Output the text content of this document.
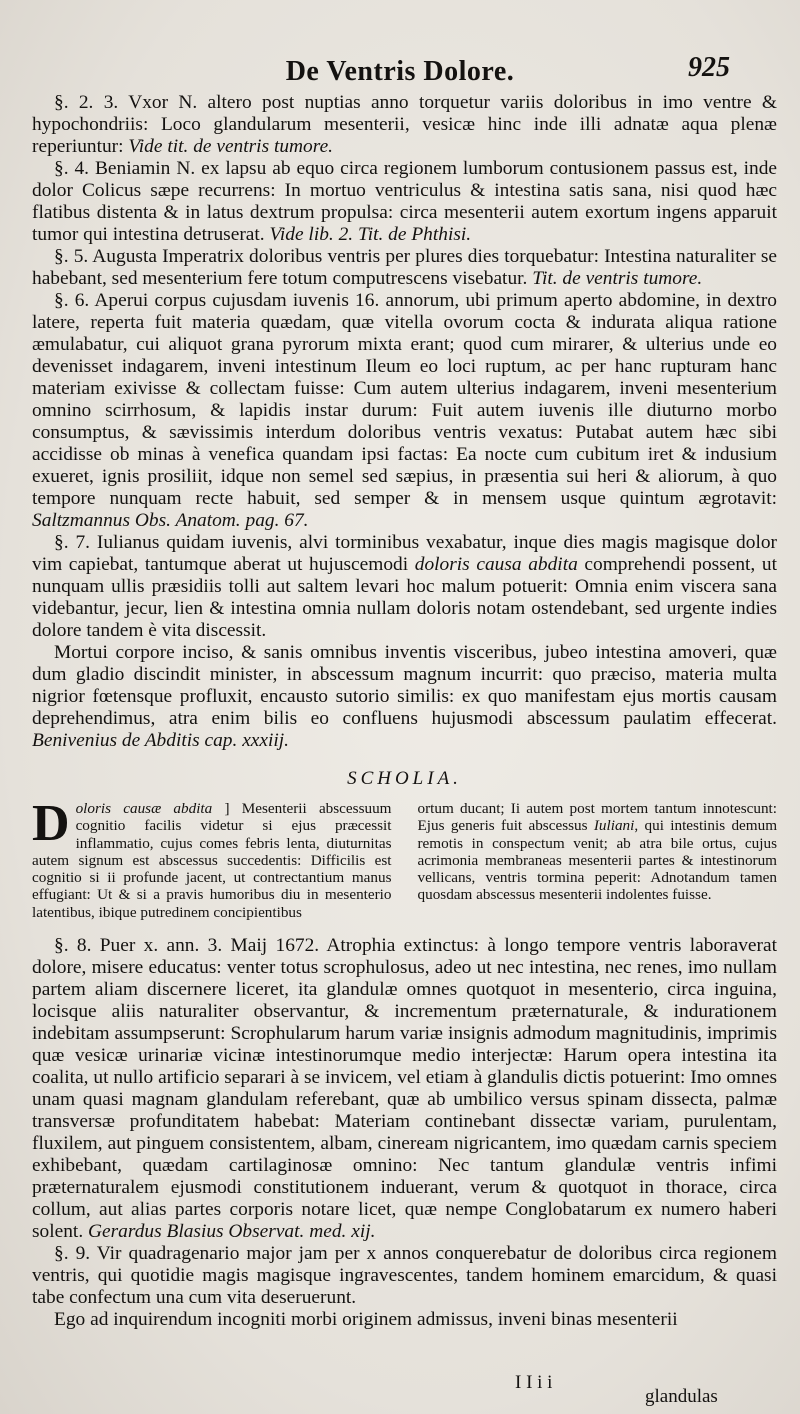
De Ventris Dolore.	925

§. 2. 3. Vxor N. altero post nuptias anno torquetur variis doloribus in imo ventre & hypochondriis: Loco glandularum mesenterii, vesicæ hinc inde illi adnatæ aqua plenæ reperiuntur: Vide tit. de ventris tumore.

§. 4. Beniamin N. ex lapsu ab equo circa regionem lumborum contusionem passus est, inde dolor Colicus sæpe recurrens: In mortuo ventriculus & intestina satis sana, nisi quod hæc flatibus distenta & in latus dextrum propulsa: circa mesenterii autem exortum ingens apparuit tumor qui intestina detruserat. Vide lib. 2. Tit. de Phthisi.

§. 5. Augusta Imperatrix doloribus ventris per plures dies torquebatur: Intestina naturaliter se habebant, sed mesenterium fere totum computrescens visebatur. Tit. de ventris tumore.

§. 6. Aperui corpus cujusdam iuvenis 16. annorum, ubi primum aperto abdomine, in dextro latere, reperta fuit materia quædam, quæ vitella ovorum cocta & indurata aliqua ratione æmulabatur, cui aliquot grana pyrorum mixta erant; quod cum mirarer, & ulterius unde eo devenisset indagarem, inveni intestinum Ileum eo loci ruptum, ac per hanc rupturam hanc materiam exivisse & collectam fuisse: Cum autem ulterius indagarem, inveni mesenterium omnino scirrhosum, & lapidis instar durum: Fuit autem iuvenis ille diuturno morbo consumptus, & sævissimis interdum doloribus ventris vexatus: Putabat autem hæc sibi accidisse ob minas à venefica quandam ipsi factas: Ea nocte cum cubitum iret & indusium exueret, ignis prosiliit, idque non semel sed sæpius, in præsentia sui heri & aliorum, à quo tempore nunquam recte habuit, sed semper & in mensem usque quintum ægrotavit: Saltzmannus Obs. Anatom. pag. 67.

§. 7. Iulianus quidam iuvenis, alvi torminibus vexabatur, inque dies magis magisque dolor vim capiebat, tantumque aberat ut hujuscemodi doloris causa abdita comprehendi possent, ut nunquam ullis præsidiis tolli aut saltem levari hoc malum potuerit: Omnia enim viscera sana videbantur, jecur, lien & intestina omnia nullam doloris notam ostendebant, sed urgente indies dolore tandem è vita discessit.

Mortui corpore inciso, & sanis omnibus inventis visceribus, jubeo intestina amoveri, quæ dum gladio discindit minister, in abscessum magnum incurrit: quo præciso, materia multa nigrior fœtensque profluxit, encausto sutorio similis: ex quo manifestam ejus mortis causam deprehendimus, atra enim bilis eo confluens hujusmodi abscessum paulatim effecerat. Benivenius de Abditis cap. xxxiij.

SCHOLIA.
D oloris causæ abdita ] Mesenterii abscessuum cognitio facilis videtur si ejus præcessit inflammatio, cujus comes febris lenta, diuturnitas autem signum est abscessus succedentis: Difficilis est cognitio si ii profunde jacent, ut contrectantium manus effugiant: Ut & si a pravis humoribus diu in mesenterio latentibus, ibique putredinem concipientibus
ortum ducant; Ii autem post mortem tantum innotescunt: Ejus generis fuit abscessus Iuliani, qui intestinis demum remotis in conspectum venit; ab atra bile ortus, cujus acrimonia membraneas mesenterii partes & intestinorum vellicans, ventris tormina peperit: Adnotandum tamen quosdam abscessus mesenterii indolentes fuisse.

§. 8. Puer x. ann. 3. Maij 1672. Atrophia extinctus: à longo tempore ventris laboraverat dolore, misere educatus: venter totus scrophulosus, adeo ut nec intestina, nec renes, imo nullam partem aliam discernere liceret, ita glandulæ omnes quotquot in mesenterio, circa inguina, locisque aliis naturaliter observantur, & incrementum præternaturale, & indurationem indebitam assumpserunt: Scrophularum harum variæ insignis admodum magnitudinis, imprimis quæ vesicæ urinariæ vicinæ intestinorumque medio interjectæ: Harum opera intestina ita coalita, ut nullo artificio separari à se invicem, vel etiam à glandulis dictis potuerint: Imo omnes unam quasi magnam glandulam referebant, quæ ab umbilico versus spinam dissecta, palmæ transversæ profunditatem habebat: Materiam continebant dissectæ variam, purulentam, fluxilem, aut pinguem consistentem, albam, cineream nigricantem, imo quædam carnis speciem exhibebant, quædam cartilaginosæ omnino: Nec tantum glandulæ ventris infimi præternaturalem ejusmodi constitutionem induerant, verum & quotquot in thorace, circa collum, aut alias partes corporis notare licet, quæ nempe Conglobatarum ex numero haberi solent. Gerardus Blasius Observat. med. xij.

§. 9. Vir quadragenario major jam per x annos conquerebatur de doloribus circa regionem ventris, qui quotidie magis magisque ingravescentes, tandem hominem emarcidum, & quasi tabe confectum una cum vita deseruerunt.

Ego ad inquirendum incogniti morbi originem admissus, inveni binas mesenterii

I I i i
glandulas
